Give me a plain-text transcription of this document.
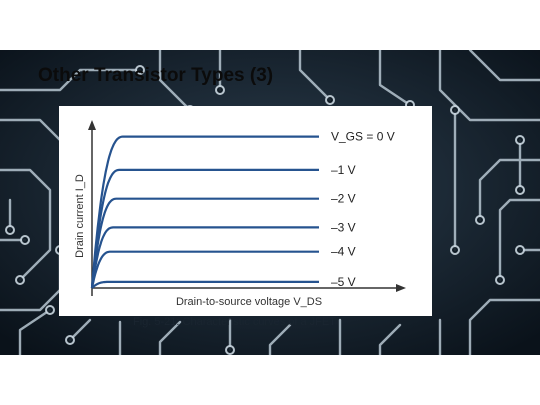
Other Transistor Types (3)
V_GS = 0 V
–1 V
–2 V
–3 V
–4 V
–5 V
Drain-to-source voltage V_DS
Drain current I_D

Fig. 5-21: Characteristic curves of a JFET
